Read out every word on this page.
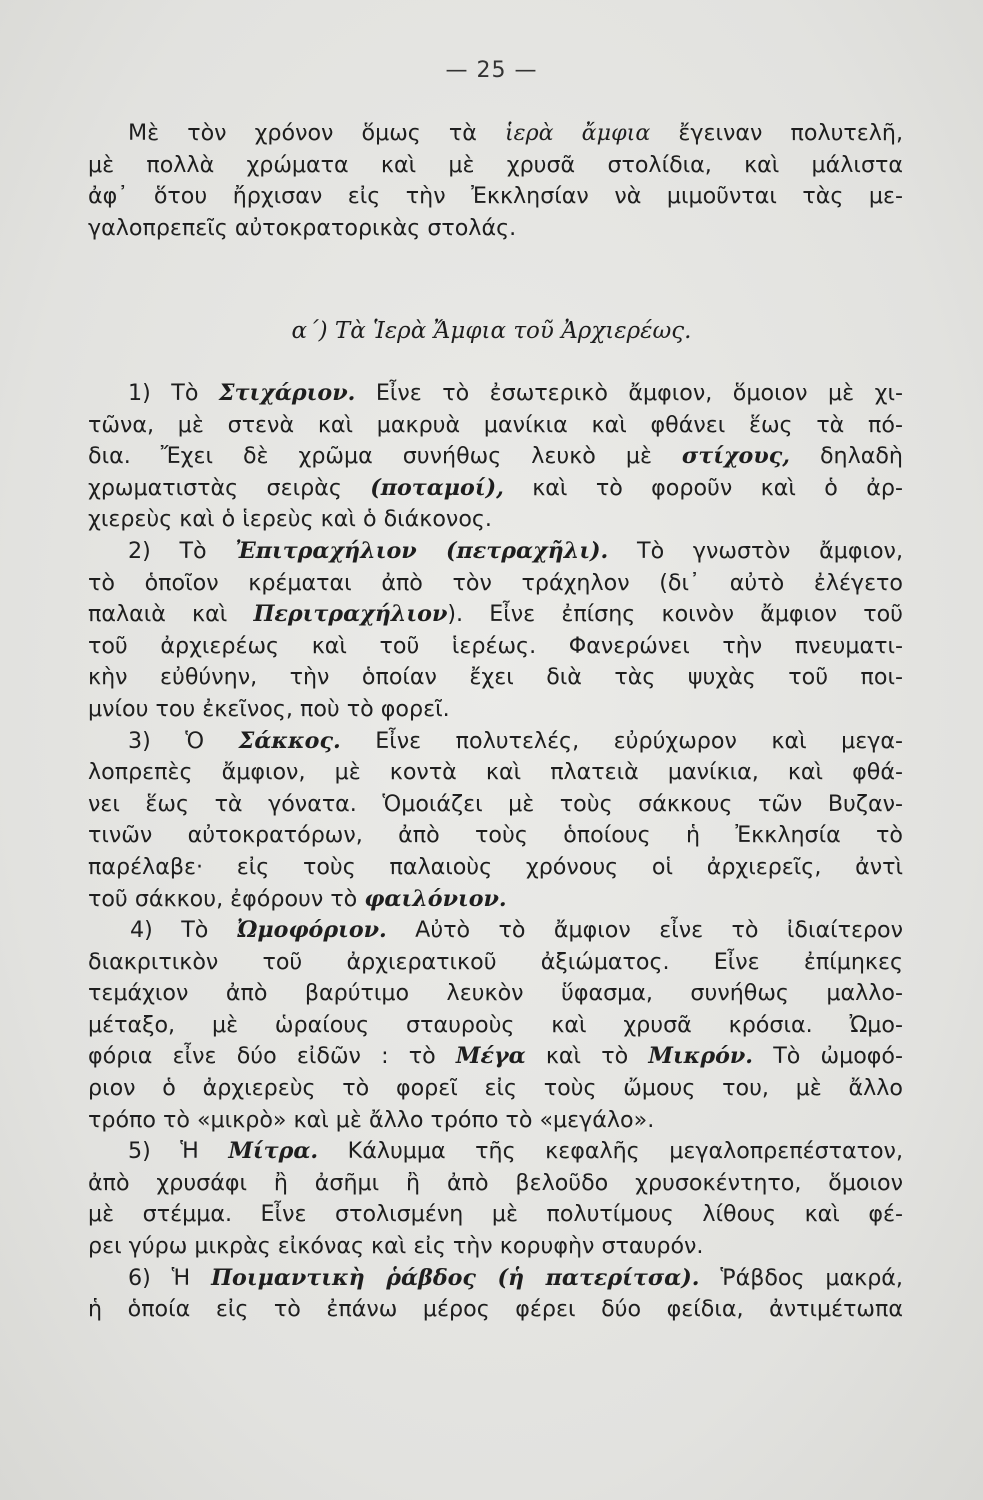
— 25 —
Μὲ τὸν χρόνον ὅμως τὰ ἱερὰ ἄμφια ἔγειναν πολυτελῆ,
μὲ πολλὰ χρώματα καὶ μὲ χρυσᾶ στολίδια, καὶ μάλιστα
ἀφ᾽ ὅτου ἤρχισαν εἰς τὴν Ἐκκλησίαν νὰ μιμοῦνται τὰς με-
γαλοπρεπεῖς αὐτοκρατορικὰς στολάς.
α΄) Τὰ Ἱερὰ Ἄμφια τοῦ Ἀρχιερέως.
1) Τὸ Στιχάριον. Εἶνε τὸ ἐσωτερικὸ ἄμφιον, ὅμοιον μὲ χι-
τῶνα, μὲ στενὰ καὶ μακρυὰ μανίκια καὶ φθάνει ἕως τὰ πό-
δια. Ἔχει δὲ χρῶμα συνήθως λευκὸ μὲ στίχους, δηλαδὴ
χρωματιστὰς σειρὰς (ποταμοί), καὶ τὸ φοροῦν καὶ ὁ ἀρ-
χιερεὺς καὶ ὁ ἱερεὺς καὶ ὁ διάκονος.
2) Τὸ Ἐπιτραχήλιον (πετραχῆλι). Τὸ γνωστὸν ἄμφιον,
τὸ ὁποῖον κρέμαται ἀπὸ τὸν τράχηλον (δι᾽ αὐτὸ ἐλέγετο
παλαιὰ καὶ Περιτραχήλιον). Εἶνε ἐπίσης κοινὸν ἄμφιον τοῦ
τοῦ ἀρχιερέως καὶ τοῦ ἱερέως. Φανερώνει τὴν πνευματι-
κὴν εὐθύνην, τὴν ὁποίαν ἔχει διὰ τὰς ψυχὰς τοῦ ποι-
μνίου του ἐκεῖνος, ποὺ τὸ φορεῖ.
3) Ὁ Σάκκος. Εἶνε πολυτελές, εὐρύχωρον καὶ μεγα-
λοπρεπὲς ἄμφιον, μὲ κοντὰ καὶ πλατειὰ μανίκια, καὶ φθά-
νει ἕως τὰ γόνατα. Ὁμοιάζει μὲ τοὺς σάκκους τῶν Βυζαν-
τινῶν αὐτοκρατόρων, ἀπὸ τοὺς ὁποίους ἡ Ἐκκλησία τὸ
παρέλαβε· εἰς τοὺς παλαιοὺς χρόνους οἱ ἀρχιερεῖς, ἀντὶ
τοῦ σάκκου, ἐφόρουν τὸ φαιλόνιον.
4) Τὸ Ὠμοφόριον. Αὐτὸ τὸ ἄμφιον εἶνε τὸ ἰδιαίτερον
διακριτικὸν τοῦ ἀρχιερατικοῦ ἀξιώματος. Εἶνε ἐπίμηκες
τεμάχιον ἀπὸ βαρύτιμο λευκὸν ὕφασμα, συνήθως μαλλο-
μέταξο, μὲ ὡραίους σταυροὺς καὶ χρυσᾶ κρόσια. Ὠμο-
φόρια εἶνε δύο εἰδῶν : τὸ Μέγα καὶ τὸ Μικρόν. Τὸ ὠμοφό-
ριον ὁ ἀρχιερεὺς τὸ φορεῖ εἰς τοὺς ὤμους του, μὲ ἄλλο
τρόπο τὸ «μικρὸ» καὶ μὲ ἄλλο τρόπο τὸ «μεγάλο».
5) Ἡ Μίτρα. Κάλυμμα τῆς κεφαλῆς μεγαλοπρεπέστατον,
ἀπὸ χρυσάφι ἢ ἀσῆμι ἢ ἀπὸ βελοῦδο χρυσοκέντητο, ὅμοιον
μὲ στέμμα. Εἶνε στολισμένη μὲ πολυτίμους λίθους καὶ φέ-
ρει γύρω μικρὰς εἰκόνας καὶ εἰς τὴν κορυφὴν σταυρόν.
6) Ἡ Ποιμαντικὴ ῥάβδος (ἡ πατερίτσα). Ῥάβδος μακρά,
ἡ ὁποία εἰς τὸ ἐπάνω μέρος φέρει δύο φείδια, ἀντιμέτωπα
